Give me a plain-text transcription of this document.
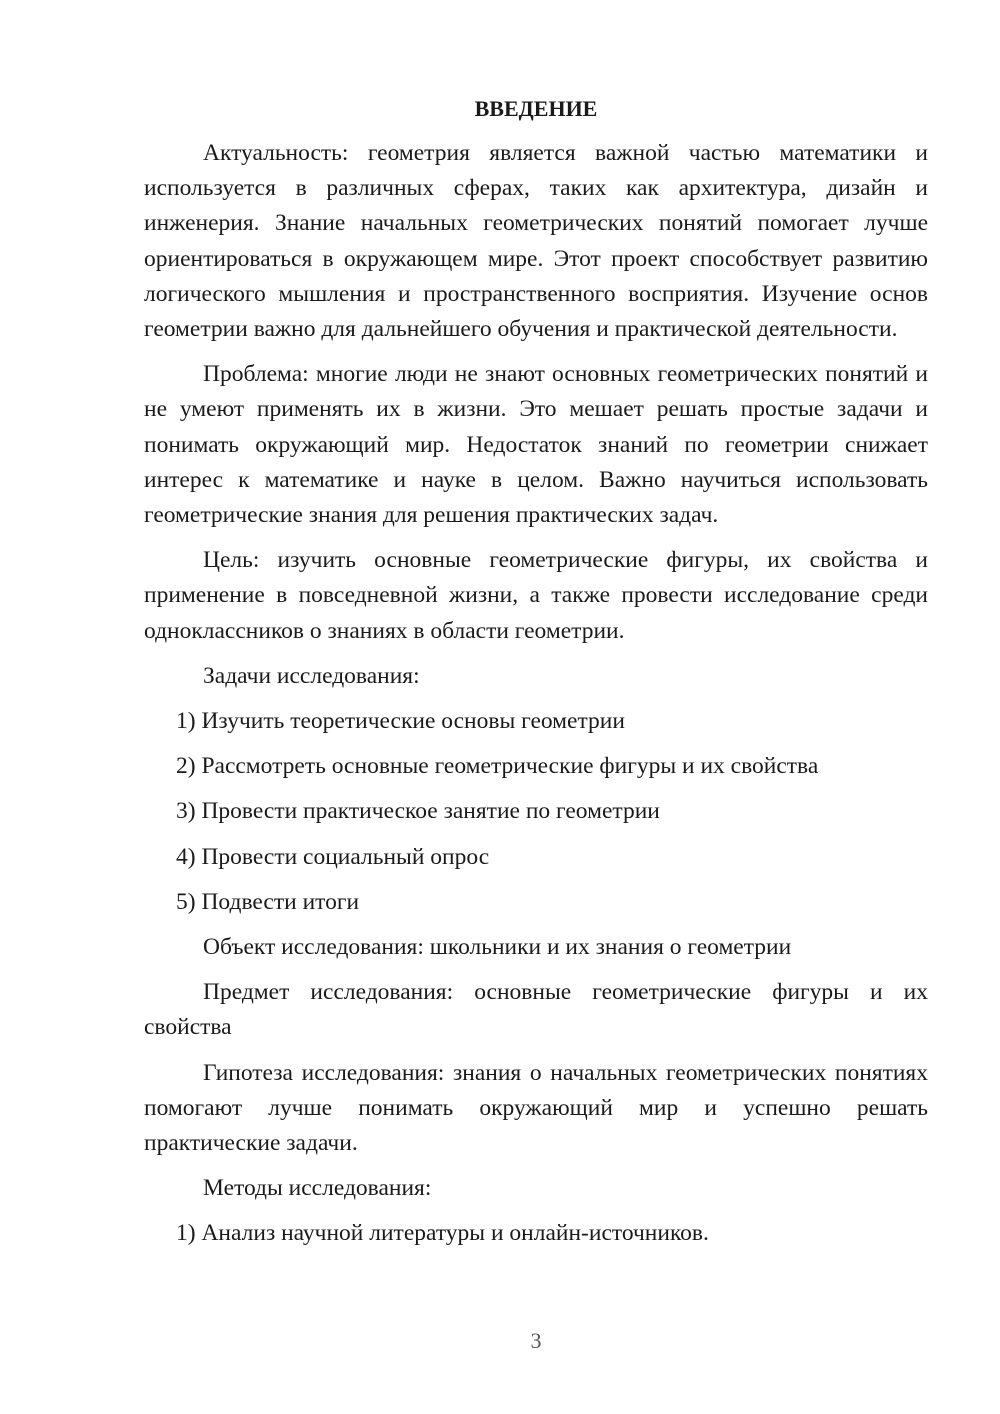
ВВЕДЕНИЕ

Актуальность: геометрия является важной частью математики и используется в различных сферах, таких как архитектура, дизайн и инженерия. Знание начальных геометрических понятий помогает лучше ориентироваться в окружающем мире. Этот проект способствует развитию логического мышления и пространственного восприятия. Изучение основ геометрии важно для дальнейшего обучения и практической деятельности.

Проблема: многие люди не знают основных геометрических понятий и не умеют применять их в жизни. Это мешает решать простые задачи и понимать окружающий мир. Недостаток знаний по геометрии снижает интерес к математике и науке в целом. Важно научиться использовать геометрические знания для решения практических задач.

Цель: изучить основные геометрические фигуры, их свойства и применение в повседневной жизни, а также провести исследование среди одноклассников о знаниях в области геометрии.

Задачи исследования:
1) Изучить теоретические основы геометрии
2) Рассмотреть основные геометрические фигуры и их свойства
3) Провести практическое занятие по геометрии
4) Провести социальный опрос
5) Подвести итоги

Объект исследования: школьники и их знания о геометрии

Предмет исследования: основные геометрические фигуры и их свойства

Гипотеза исследования: знания о начальных геометрических понятиях помогают лучше понимать окружающий мир и успешно решать практические задачи.

Методы исследования:
1) Анализ научной литературы и онлайн-источников.
3
